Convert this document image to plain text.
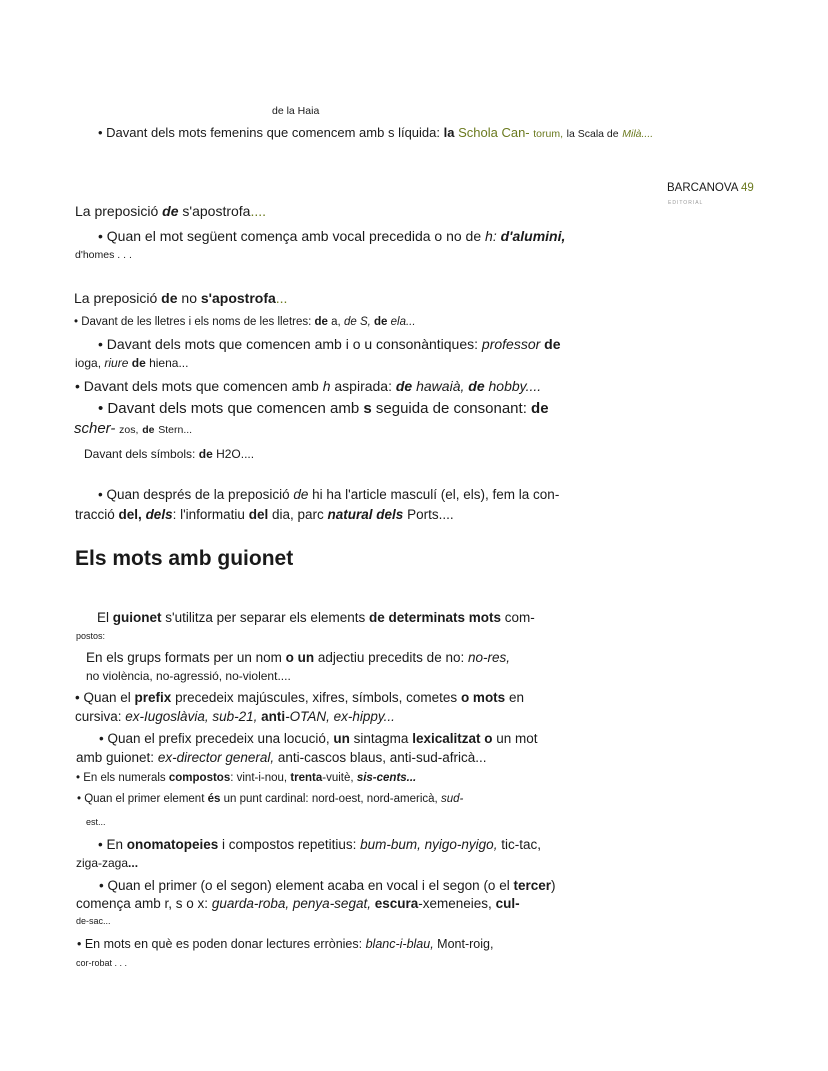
de la Haia
• Davant dels mots femenins que comencem amb s líquida: la Schola Can- torum, la Scala de Milà....
BARCANOVA 49
EDITORIAL
La preposició de s'apostrofa....
• Quan el mot següent comença amb vocal precedida o no de h: d'alumini,
d'homes . . .
La preposició de no s'apostrofa...
• Davant de les lletres i els noms de les lletres: de a, de S, de ela...
• Davant dels mots que comencen amb i o u consonàntiques: professor de
ioga, riure de hiena...
• Davant dels mots que comencen amb h aspirada: de hawaià, de hobby....
• Davant dels mots que comencen amb s seguida de consonant: de
scher- zos, de Stern...
Davant dels símbols: de H2O....
• Quan després de la preposició de hi ha l'article masculí (el, els), fem la con-
tracció del, dels: l'informatiu del dia, parc natural dels Ports....
Els mots amb guionet
El guionet s'utilitza per separar els elements de determinats mots com-
postos:
En els grups formats per un nom o un adjectiu precedits de no: no-res,
no violència, no-agressió, no-violent....
• Quan el prefix precedeix majúscules, xifres, símbols, cometes o mots en
cursiva: ex-Iugoslàvia, sub-21, anti-OTAN, ex-hippy...
• Quan el prefix precedeix una locució, un sintagma lexicalitzat o un mot
amb guionet: ex-director general, anti-cascos blaus, anti-sud-africà...
• En els numerals compostos: vint-i-nou, trenta-vuitè, sis-cents...
• Quan el primer element és un punt cardinal: nord-oest, nord-americà, sud-
est...
• En onomatopeies i compostos repetitius: bum-bum, nyigo-nyigo, tic-tac,
ziga-zaga...
• Quan el primer (o el segon) element acaba en vocal i el segon (o el tercer)
comença amb r, s o x: guarda-roba, penya-segat, escura-xemeneies, cul-
de-sac...
• En mots en què es poden donar lectures errònies: blanc-i-blau, Mont-roig,
cor-robat . . .
